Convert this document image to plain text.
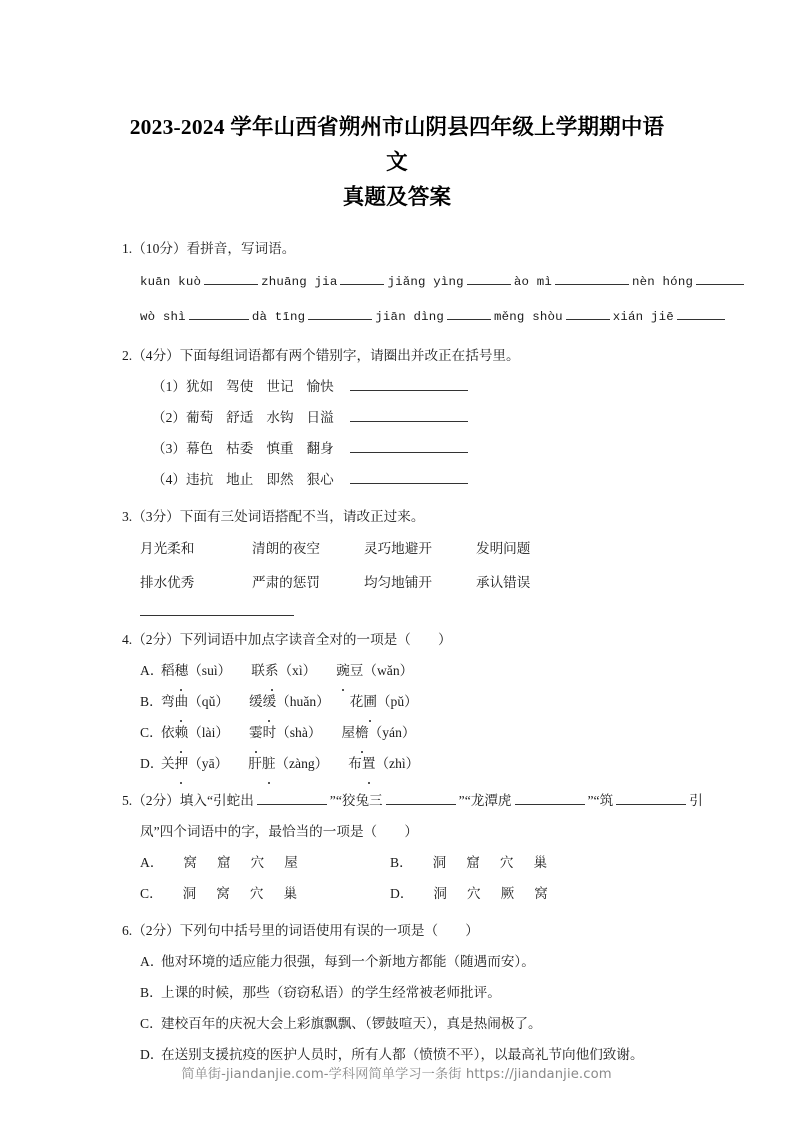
2023-2024 学年山西省朔州市山阴县四年级上学期期中语文
真题及答案
1.（10分）看拼音，写词语。
kuān kuò	zhuāng jia	jiǎng yìng	ào mì	nèn hóng
wò shì	dà tīng	jiān dìng	měng shòu	xián jiē
2.（4分）下面每组词语都有两个错别字，请圈出并改正在括号里。
（1）犹如 驾使 世记 愉快
（2）葡萄 舒适 水钩 日溢
（3）幕色 枯委 慎重 翻身
（4）违抗 地止 即然 狠心
3.（3分）下面有三处词语搭配不当，请改正过来。
月光柔和	清朗的夜空	灵巧地避开	发明问题
排水优秀	严肃的惩罚	均匀地铺开	承认错误
4.（2分）下列词语中加点字读音全对的一项是（　　）
A．稻穗（suì） 联系（xì） 豌豆（wǎn）
B．弯曲（qǔ） 缓缓（huǎn） 花圃（pǔ）
C．依赖（lài） 霎时（shà） 屋檐（yán）
D．关押（yā） 肝脏（zàng） 布置（zhì）
5.（2分）填入“引蛇出	”“狡兔三	”“龙潭虎	”“筑	引
凤”四个词语中的字，最恰当的一项是（　　）
A． 窝 窟 穴 屋	B． 洞 窟 穴 巢
C． 洞 窝 穴 巢	D． 洞 穴 厥 窝
6.（2分）下列句中括号里的词语使用有误的一项是（　　）
A．他对环境的适应能力很强，每到一个新地方都能（随遇而安）。
B．上课的时候，那些（窃窃私语）的学生经常被老师批评。
C．建校百年的庆祝大会上彩旗飘飘、（锣鼓喧天），真是热闹极了。
D．在送别支援抗疫的医护人员时，所有人都（愤愤不平），以最高礼节向他们致谢。
简单街-jiandanjie.com-学科网简单学习一条街 https://jiandanjie.com
